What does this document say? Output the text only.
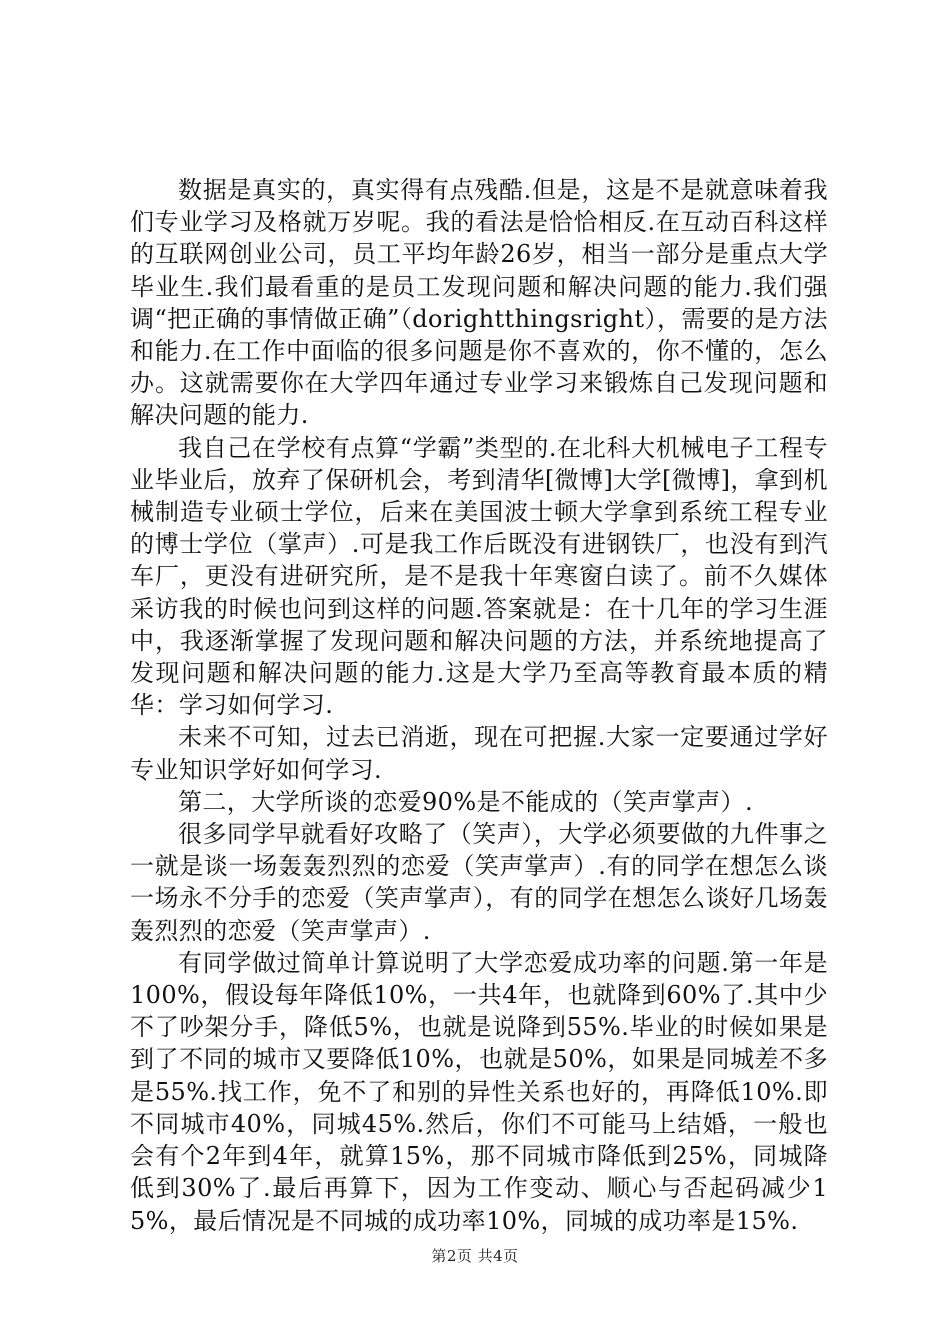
数据是真实的，真实得有点残酷.但是，这是不是就意味着我们专业学习及格就万岁呢。我的看法是恰恰相反.在互动百科这样的互联网创业公司，员工平均年龄26岁，相当一部分是重点大学毕业生.我们最看重的是员工发现问题和解决问题的能力.我们强调“把正确的事情做正确”（dorightthingsright），需要的是方法和能力.在工作中面临的很多问题是你不喜欢的，你不懂的，怎么办。这就需要你在大学四年通过专业学习来锻炼自己发现问题和解决问题的能力.

我自己在学校有点算“学霸”类型的.在北科大机械电子工程专业毕业后，放弃了保研机会，考到清华[微博]大学[微博]，拿到机械制造专业硕士学位，后来在美国波士顿大学拿到系统工程专业的博士学位（掌声）.可是我工作后既没有进钢铁厂，也没有到汽车厂，更没有进研究所，是不是我十年寒窗白读了。前不久媒体采访我的时候也问到这样的问题.答案就是：在十几年的学习生涯中，我逐渐掌握了发现问题和解决问题的方法，并系统地提高了发现问题和解决问题的能力.这是大学乃至高等教育最本质的精华：学习如何学习.

未来不可知，过去已消逝，现在可把握.大家一定要通过学好专业知识学好如何学习.

第二，大学所谈的恋爱90%是不能成的（笑声掌声）.

很多同学早就看好攻略了（笑声），大学必须要做的九件事之一就是谈一场轰轰烈烈的恋爱（笑声掌声）.有的同学在想怎么谈一场永不分手的恋爱（笑声掌声），有的同学在想怎么谈好几场轰轰烈烈的恋爱（笑声掌声）.

有同学做过简单计算说明了大学恋爱成功率的问题.第一年是100%，假设每年降低10%，一共4年，也就降到60%了.其中少不了吵架分手，降低5%，也就是说降到55%.毕业的时候如果是到了不同的城市又要降低10%，也就是50%，如果是同城差不多是55%.找工作，免不了和别的异性关系也好的，再降低10%.即不同城市40%，同城45%.然后，你们不可能马上结婚，一般也会有个2年到4年，就算15%，那不同城市降低到25%，同城降低到30%了.最后再算下，因为工作变动、顺心与否起码减少15%，最后情况是不同城的成功率10%，同城的成功率是15%.

第2页 共4页
